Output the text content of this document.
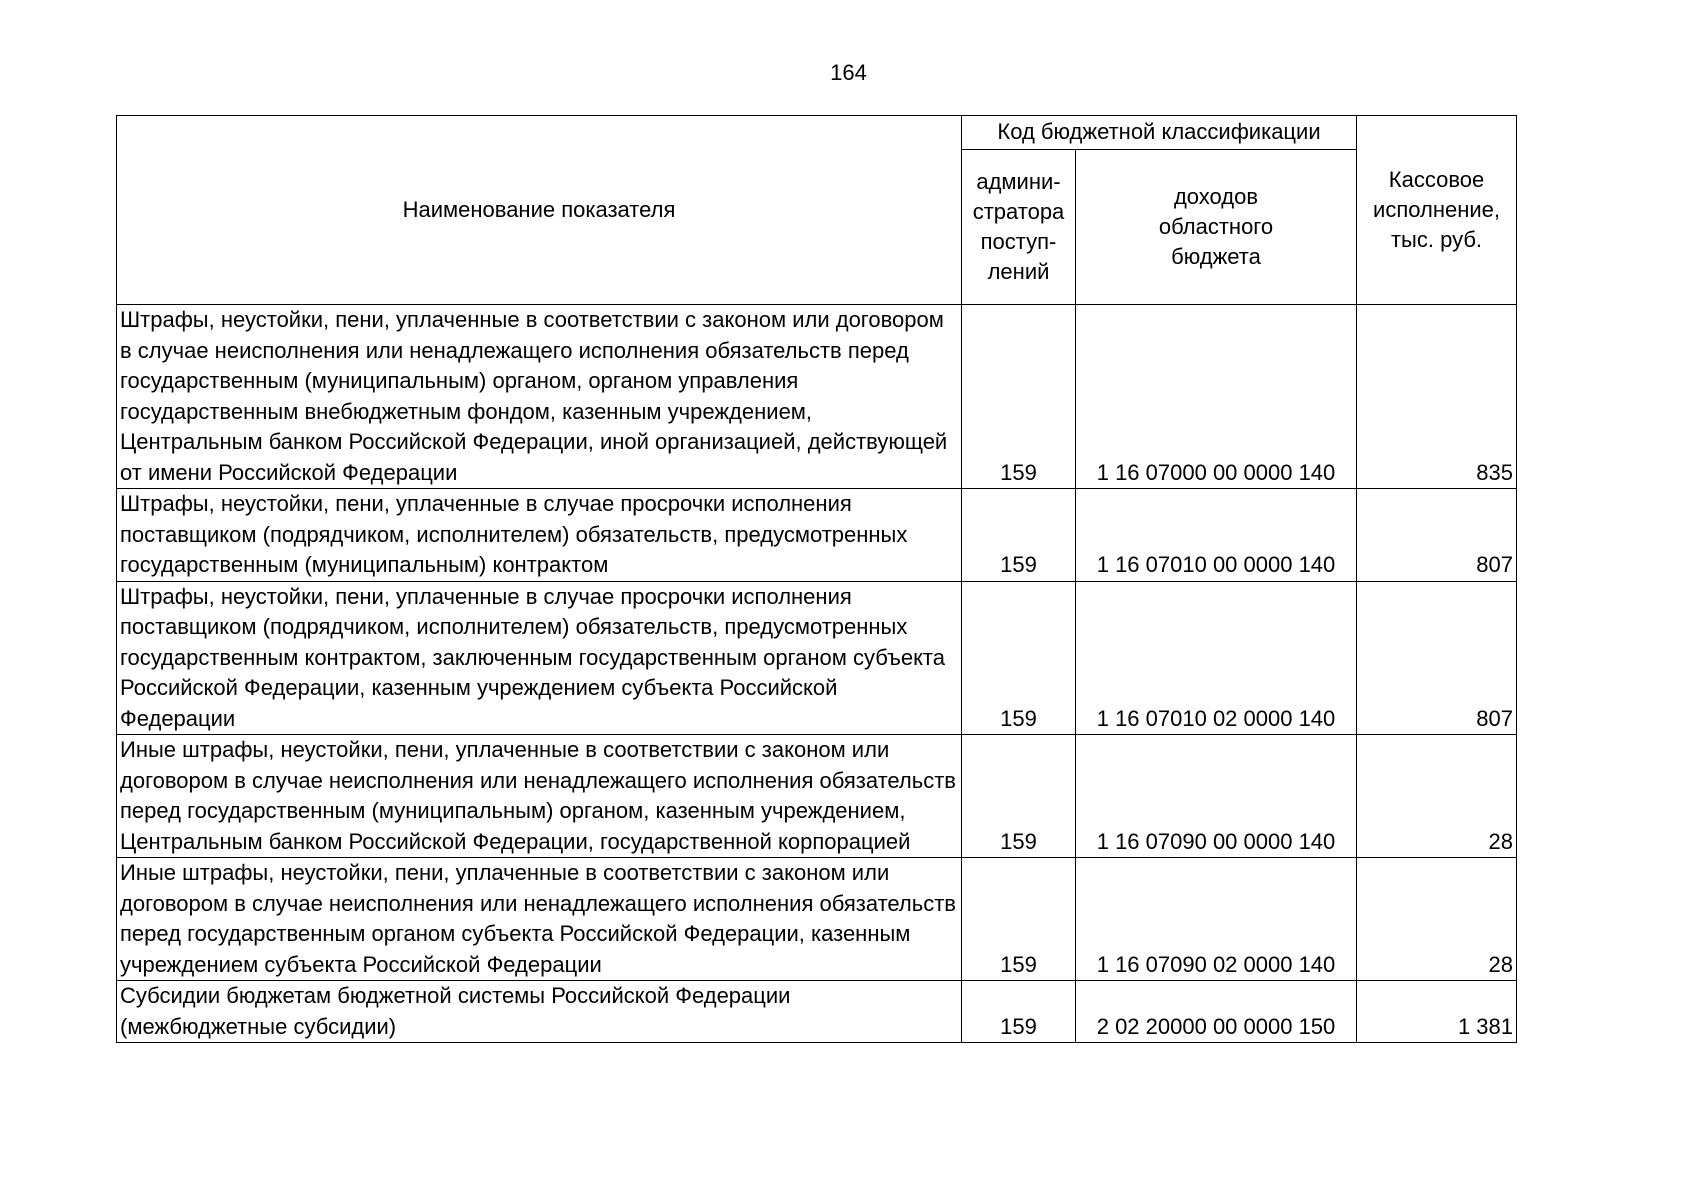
164
Наименование показателя	Код бюджетной классификации		Кассовое исполнение, тыс. руб.

	админи-стратора поступ-лений	доходов областного бюджета	

Штрафы, неустойки, пени, уплаченные в соответствии с законом или договором в случае неисполнения или ненадлежащего исполнения обязательств перед государственным (муниципальным) органом, органом управления государственным внебюджетным фондом, казенным учреждением, Центральным банком Российской Федерации, иной организацией, действующей от имени Российской Федерации	159	1 16 07000 00 0000 140	835
Штрафы, неустойки, пени, уплаченные в случае просрочки исполнения поставщиком (подрядчиком, исполнителем) обязательств, предусмотренных государственным (муниципальным) контрактом	159	1 16 07010 00 0000 140	807
Штрафы, неустойки, пени, уплаченные в случае просрочки исполнения поставщиком (подрядчиком, исполнителем) обязательств, предусмотренных государственным контрактом, заключенным государственным органом субъекта Российской Федерации, казенным учреждением субъекта Российской Федерации	159	1 16 07010 02 0000 140	807
Иные штрафы, неустойки, пени, уплаченные в соответствии с законом или договором в случае неисполнения или ненадлежащего исполнения обязательств перед государственным (муниципальным) органом, казенным учреждением, Центральным банком Российской Федерации, государственной корпорацией	159	1 16 07090 00 0000 140	28
Иные штрафы, неустойки, пени, уплаченные в соответствии с законом или договором в случае неисполнения или ненадлежащего исполнения обязательств перед государственным органом субъекта Российской Федерации, казенным учреждением субъекта Российской Федерации	159	1 16 07090 02 0000 140	28
Субсидии бюджетам бюджетной системы Российской Федерации (межбюджетные субсидии)	159	2 02 20000 00 0000 150	1 381
